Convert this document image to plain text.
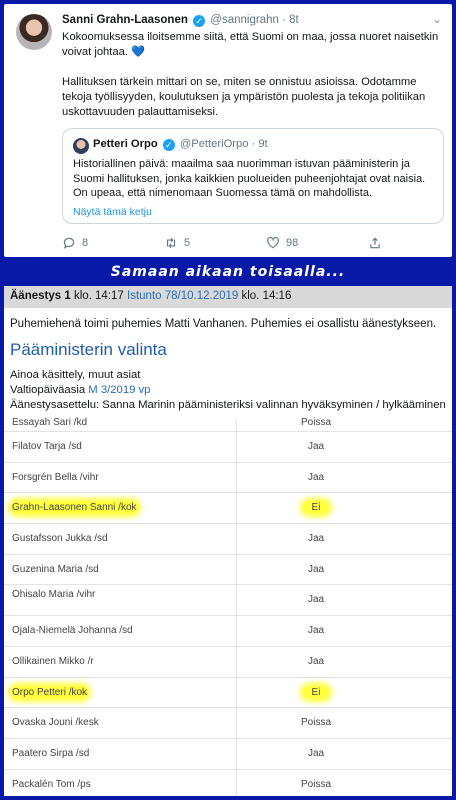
Sanni Grahn-Laasonen ✓ @sannigrahn · 8t	⌄

Kokoomuksessa iloitsemme siitä, että Suomi on maa, jossa nuoret naisetkin voivat johtaa. 💙

Hallituksen tärkein mittari on se, miten se onnistuu asioissa. Odotamme tekoja työllisyyden, koulutuksen ja ympäristön puolesta ja tekoja politiikan uskottavuuden palauttamiseksi.

Petteri Orpo ✓ @PetteriOrpo · 9t
Historiallinen päivä: maailma saa nuorimman istuvan pääministerin ja Suomi hallituksen, jonka kaikkien puolueiden puheenjohtajat ovat naisia. On upeaa, että nimenomaan Suomessa tämä on mahdollista.
Näytä tämä ketju
8	5	98
Samaan aikaan toisaalla...
Äänestys 1 klo. 14:17 Istunto 78/10.12.2019 klo. 14:16
Puhemiehenä toimi puhemies Matti Vanhanen. Puhemies ei osallistu äänestykseen.
Pääministerin valinta
Ainoa käsittely, muut asiat
Valtiopäiväasia M 3/2019 vp
Äänestysasettelu: Sanna Marinin pääministeriksi valinnan hyväksyminen / hylkääminen
Essayah Sari /kd	Poissa
Filatov Tarja /sd	Jaa
Forsgrén Bella /vihr	Jaa
Grahn-Laasonen Sanni /kok	Ei
Gustafsson Jukka /sd	Jaa
Guzenina Maria /sd	Jaa
Ohisalo Maria /vihr	Jaa
Ojala-Niemelä Johanna /sd	Jaa
Ollikainen Mikko /r	Jaa
Orpo Petteri /kok	Ei
Ovaska Jouni /kesk	Poissa
Paatero Sirpa /sd	Jaa
Packalén Tom /ps	Poissa
